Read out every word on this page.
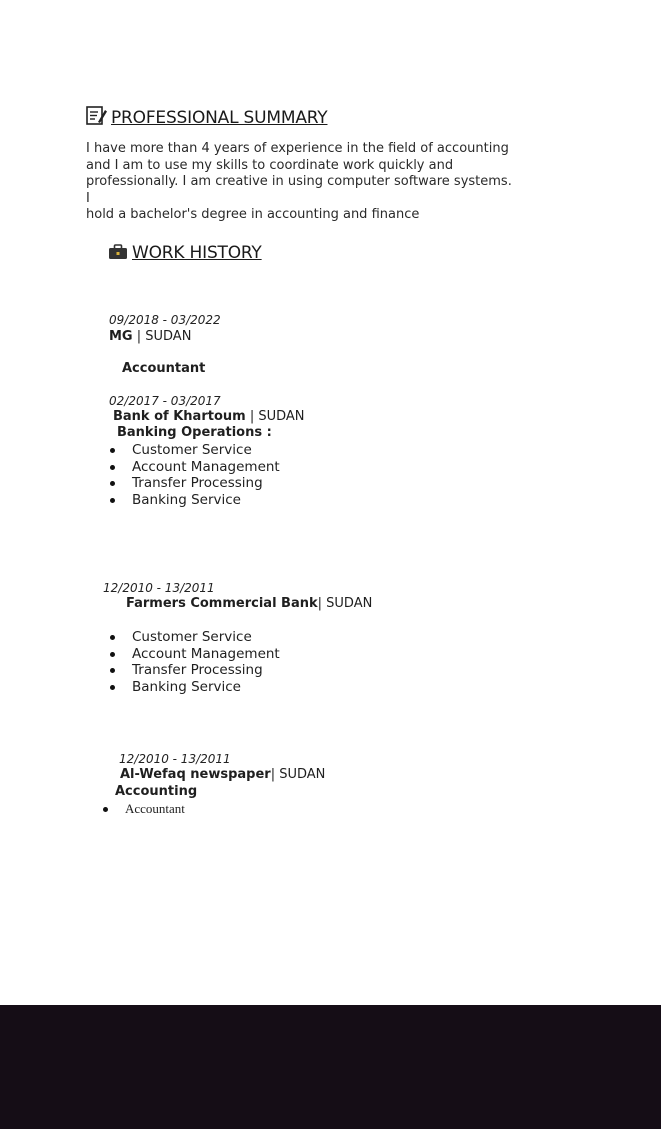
PROFESSIONAL SUMMARY
I have more than 4 years of experience in the field of accounting
and I am to use my skills to coordinate work quickly and
professionally. I am creative in using computer software systems. I
hold a bachelor's degree in accounting and finance
WORK HISTORY
09/2018 - 03/2022
MG | SUDAN
Accountant
02/2017 - 03/2017
Bank of Khartoum | SUDAN
Banking Operations :
Customer Service
Account Management
Transfer Processing
Banking Service
12/2010 - 13/2011
Farmers Commercial Bank| SUDAN
Customer Service
Account Management
Transfer Processing
Banking Service
12/2010 - 13/2011
Al-Wefaq newspaper| SUDAN
Accounting
Accountant
